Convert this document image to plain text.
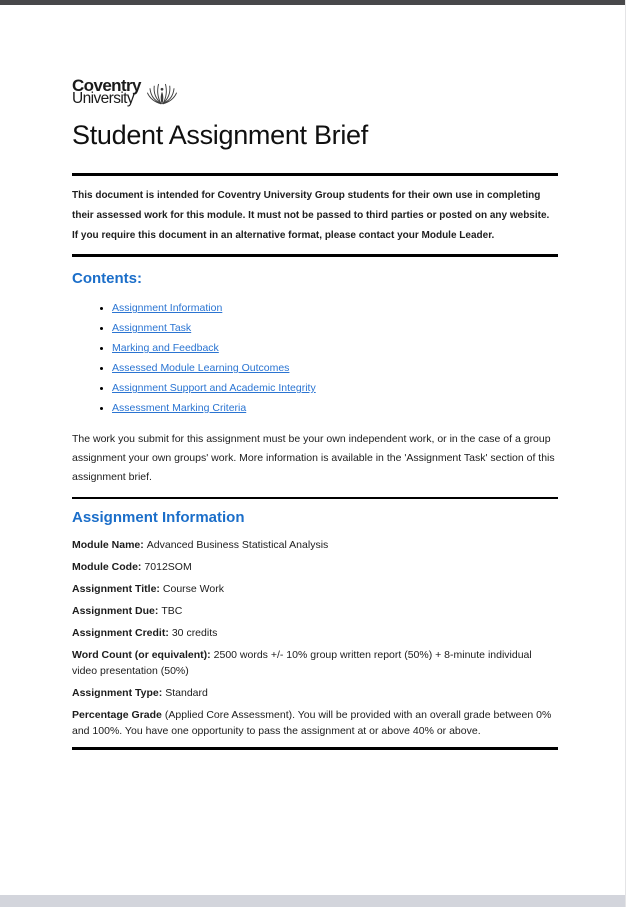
Coventry
University
Student Assignment Brief

This document is intended for Coventry University Group students for their own use in completing their assessed work for this module. It must not be passed to third parties or posted on any website. If you require this document in an alternative format, please contact your Module Leader.

Contents:
• Assignment Information
• Assignment Task
• Marking and Feedback
• Assessed Module Learning Outcomes
• Assignment Support and Academic Integrity
• Assessment Marking Criteria

The work you submit for this assignment must be your own independent work, or in the case of a group assignment your own groups' work. More information is available in the 'Assignment Task' section of this assignment brief.

Assignment Information

Module Name: Advanced Business Statistical Analysis

Module Code: 7012SOM

Assignment Title: Course Work

Assignment Due: TBC

Assignment Credit: 30 credits

Word Count (or equivalent): 2500 words +/- 10% group written report (50%) + 8-minute individual video presentation (50%)

Assignment Type: Standard

Percentage Grade (Applied Core Assessment). You will be provided with an overall grade between 0% and 100%. You have one opportunity to pass the assignment at or above 40% or above.
